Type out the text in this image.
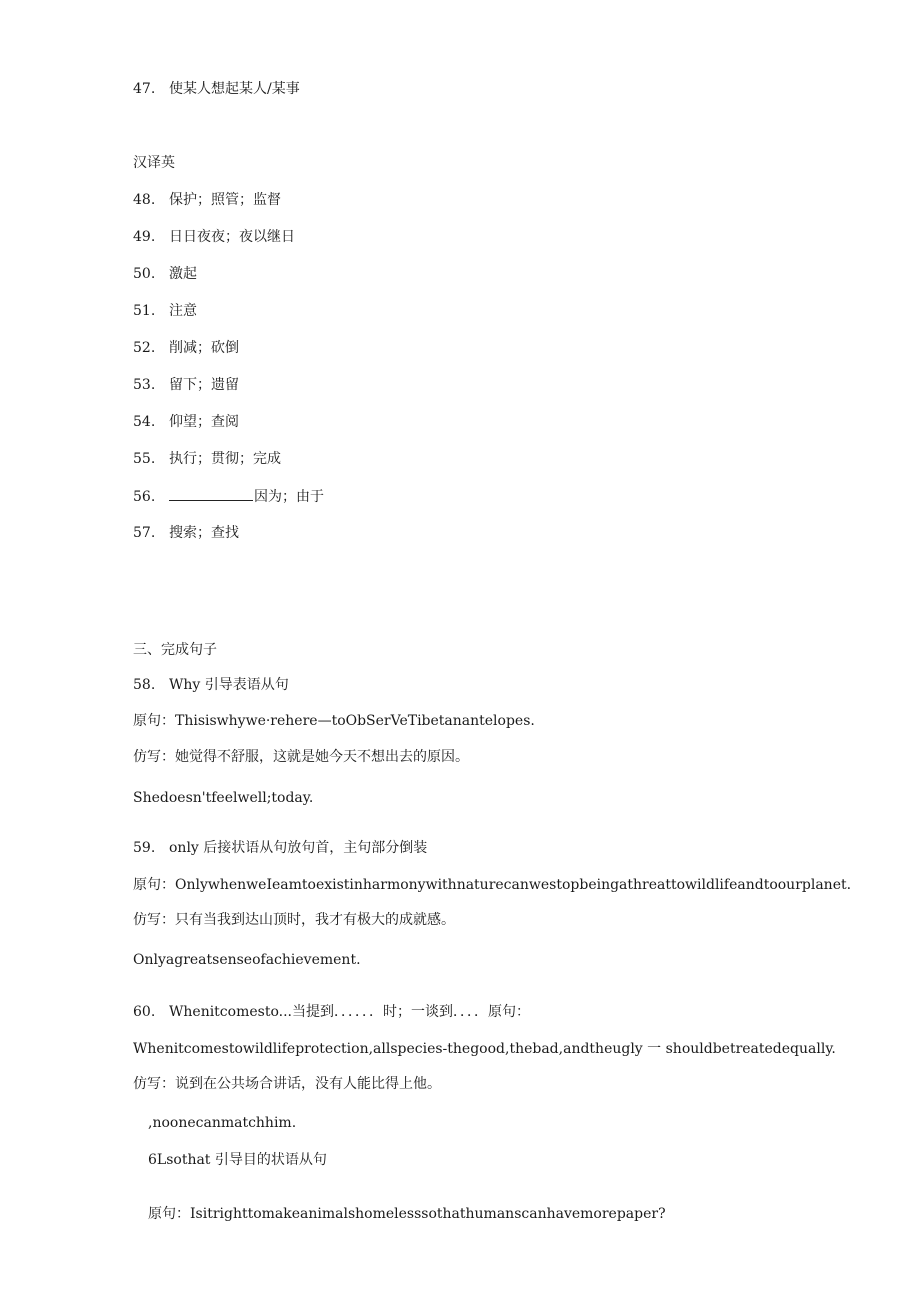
47. 使某人想起某人/某事
汉译英
48. 保护；照管；监督
49. 日日夜夜；夜以继日
50. 激起
51. 注意
52. 削减；砍倒
53. 留下；遗留
54. 仰望；查阅
55. 执行；贯彻；完成
56.	因为；由于
57. 搜索；查找
三、完成句子
58. Why 引导表语从句
原句：Thisiswhywe·rehere—toObSerVeTibetanantelopes.
仿写：她觉得不舒服，这就是她今天不想出去的原因。
Shedoesn'tfeelwell;today.
59. only 后接状语从句放句首，主句部分倒装
原句：OnlywhenweIeamtoexistinharmonywithnaturecanwestopbeingathreattowildlifeandtoourplanet.
仿写：只有当我到达山顶时，我才有极大的成就感。
Onlyagreatsenseofachievement.
60. Whenitcomesto...当提到．．．．．．时；一谈到．．．．原句：
Whenitcomestowildlifeprotection,allspecies-thegood,thebad,andtheugly 一 shouldbetreatedequally.
仿写：说到在公共场合讲话，没有人能比得上他。
,noonecanmatchhim.
6Lsothat 引导目的状语从句
原句：Isitrighttomakeanimalshomelesssothathumanscanhavemorepaper?
